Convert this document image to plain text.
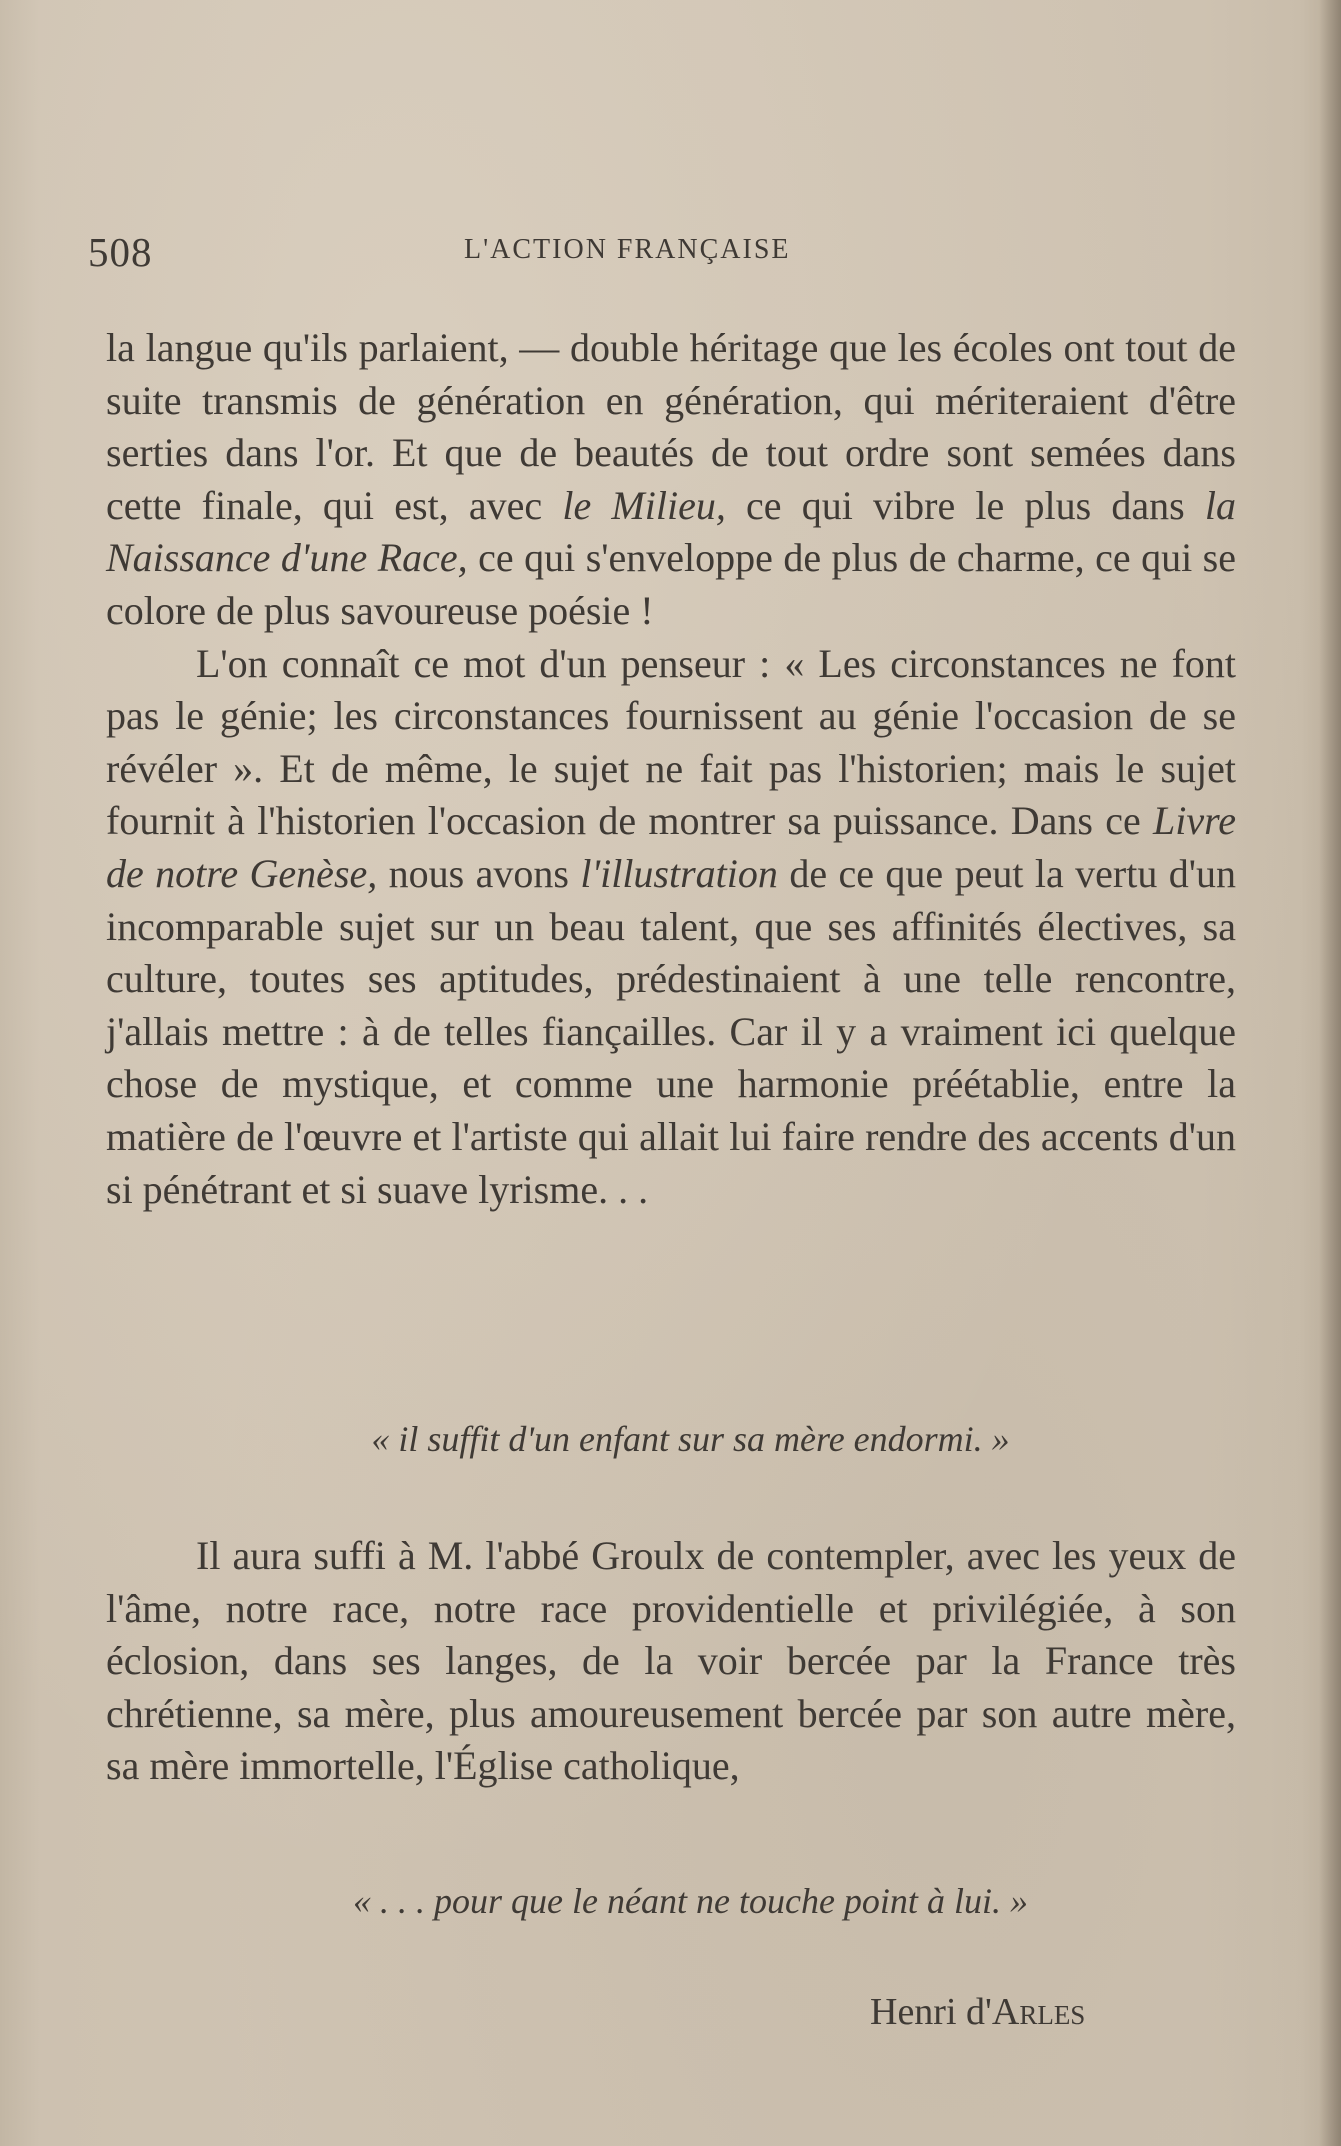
508	L'ACTION FRANÇAISE

la langue qu'ils parlaient, — double héritage que les écoles ont tout de suite transmis de génération en génération, qui mériteraient d'être serties dans l'or. Et que de beautés de tout ordre sont semées dans cette finale, qui est, avec le Milieu, ce qui vibre le plus dans la Naissance d'une Race, ce qui s'enveloppe de plus de charme, ce qui se colore de plus savoureuse poésie !

L'on connaît ce mot d'un penseur : « Les circonstances ne font pas le génie; les circonstances fournissent au génie l'occasion de se révéler ». Et de même, le sujet ne fait pas l'historien; mais le sujet fournit à l'historien l'occasion de montrer sa puissance. Dans ce Livre de notre Genèse, nous avons l'illustration de ce que peut la vertu d'un incomparable sujet sur un beau talent, que ses affinités électives, sa culture, toutes ses aptitudes, prédestinaient à une telle rencontre, j'allais mettre : à de telles fiançailles. Car il y a vraiment ici quelque chose de mystique, et comme une harmonie préétablie, entre la matière de l'œuvre et l'artiste qui allait lui faire rendre des accents d'un si pénétrant et si suave lyrisme. . .

« il suffit d'un enfant sur sa mère endormi. »

Il aura suffi à M. l'abbé Groulx de contempler, avec les yeux de l'âme, notre race, notre race providentielle et privilégiée, à son éclosion, dans ses langes, de la voir bercée par la France très chrétienne, sa mère, plus amoureusement bercée par son autre mère, sa mère immortelle, l'Église catholique,

« . . . pour que le néant ne touche point à lui. »
Henri d'Arles
